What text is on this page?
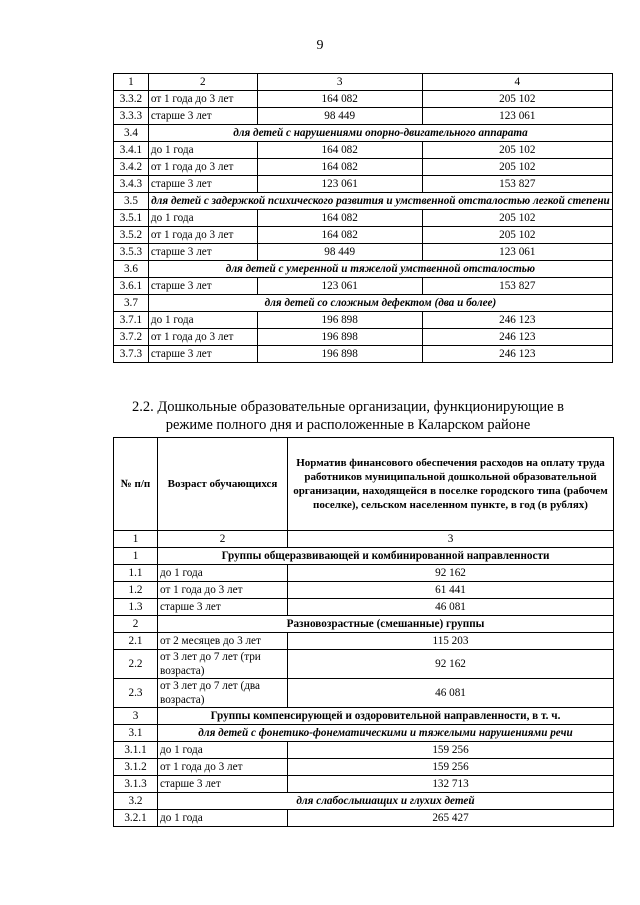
9
1	2	3	4
3.3.2	от 1 года до 3 лет	164 082	205 102
3.3.3	старше 3 лет	98 449	123 061
3.4	для детей с нарушениями опорно-двигательного аппарата		
3.4.1	до 1 года	164 082	205 102
3.4.2	от 1 года до 3 лет	164 082	205 102
3.4.3	старше 3 лет	123 061	153 827
3.5	для детей с задержкой психического развития и умственной отсталостью легкой степени		
3.5.1	до 1 года	164 082	205 102
3.5.2	от 1 года до 3 лет	164 082	205 102
3.5.3	старше 3 лет	98 449	123 061
3.6	для детей с умеренной и тяжелой умственной отсталостью		
3.6.1	старше 3 лет	123 061	153 827
3.7	для детей со сложным дефектом (два и более)		
3.7.1	до 1 года	196 898	246 123
3.7.2	от 1 года до 3 лет	196 898	246 123
3.7.3	старше 3 лет	196 898	246 123
2.2. Дошкольные образовательные организации, функционирующие в режиме полного дня и расположенные в Каларском районе
№ п/п	Возраст обучающихся	Норматив финансового обеспечения расходов на оплату труда работников муниципальной дошкольной образовательной организации, находящейся в поселке городского типа (рабочем поселке), сельском населенном пункте, в год (в рублях)
1	2	3
1	Группы общеразвивающей и комбинированной направленности	
1.1	до 1 года	92 162
1.2	от 1 года до 3 лет	61 441
1.3	старше 3 лет	46 081
2	Разновозрастные (смешанные) группы	
2.1	от 2 месяцев до 3 лет	115 203
2.2	от 3 лет до 7 лет (три возраста)	92 162
2.3	от 3 лет до 7 лет (два возраста)	46 081
3	Группы компенсирующей и оздоровительной направленности, в т. ч.	
3.1	для детей с фонетико-фонематическими и тяжелыми нарушениями речи	
3.1.1	до 1 года	159 256
3.1.2	от 1 года до 3 лет	159 256
3.1.3	старше 3 лет	132 713
3.2	для слабослышащих и глухих детей	
3.2.1	до 1 года	265 427
